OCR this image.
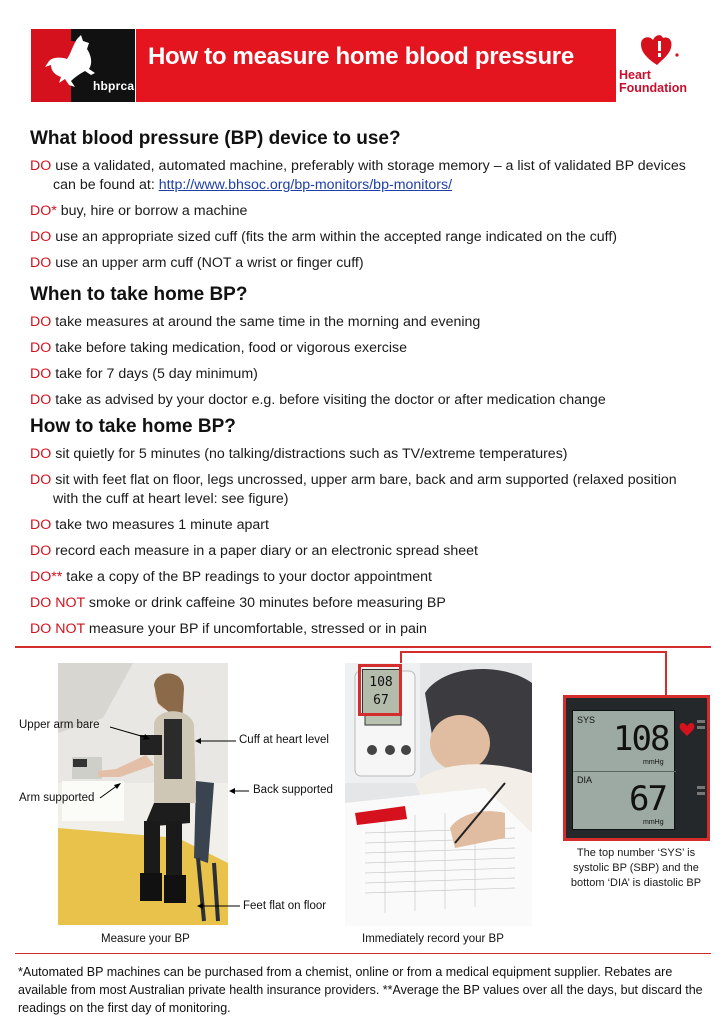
hbprca
How to measure home blood pressure
Heart
Foundation
What blood pressure (BP) device to use?
DO use a validated, automated machine, preferably with storage memory – a list of validated BP devices can be found at: http://www.bhsoc.org/bp-monitors/bp-monitors/
DO* buy, hire or borrow a machine
DO use an appropriate sized cuff (fits the arm within the accepted range indicated on the cuff)
DO use an upper arm cuff (NOT a wrist or finger cuff)
When to take home BP?
DO take measures at around the same time in the morning and evening
DO take before taking medication, food or vigorous exercise
DO take for 7 days (5 day minimum)
DO take as advised by your doctor e.g. before visiting the doctor or after medication change
How to take home BP?
DO sit quietly for 5 minutes (no talking/distractions such as TV/extreme temperatures)
DO sit with feet flat on floor, legs uncrossed, upper arm bare, back and arm supported (relaxed position with the cuff at heart level: see figure)
DO take two measures 1 minute apart
DO record each measure in a paper diary or an electronic spread sheet
DO** take a copy of the BP readings to your doctor appointment
DO NOT smoke or drink caffeine 30 minutes before measuring BP
DO NOT measure your BP if uncomfortable, stressed or in pain
Upper arm bare
Cuff at heart level
Arm supported
Back supported
Feet flat on floor
Measure your BP
108
67
Immediately record your BP
SYS 108
mmHg
DIA 67
mmHg
The top number ‘SYS’ is systolic BP (SBP) and the bottom ‘DIA’ is diastolic BP
*Automated BP machines can be purchased from a chemist, online or from a medical equipment supplier. Rebates are available from most Australian private health insurance providers. **Average the BP values over all the days, but discard the readings on the first day of monitoring.
